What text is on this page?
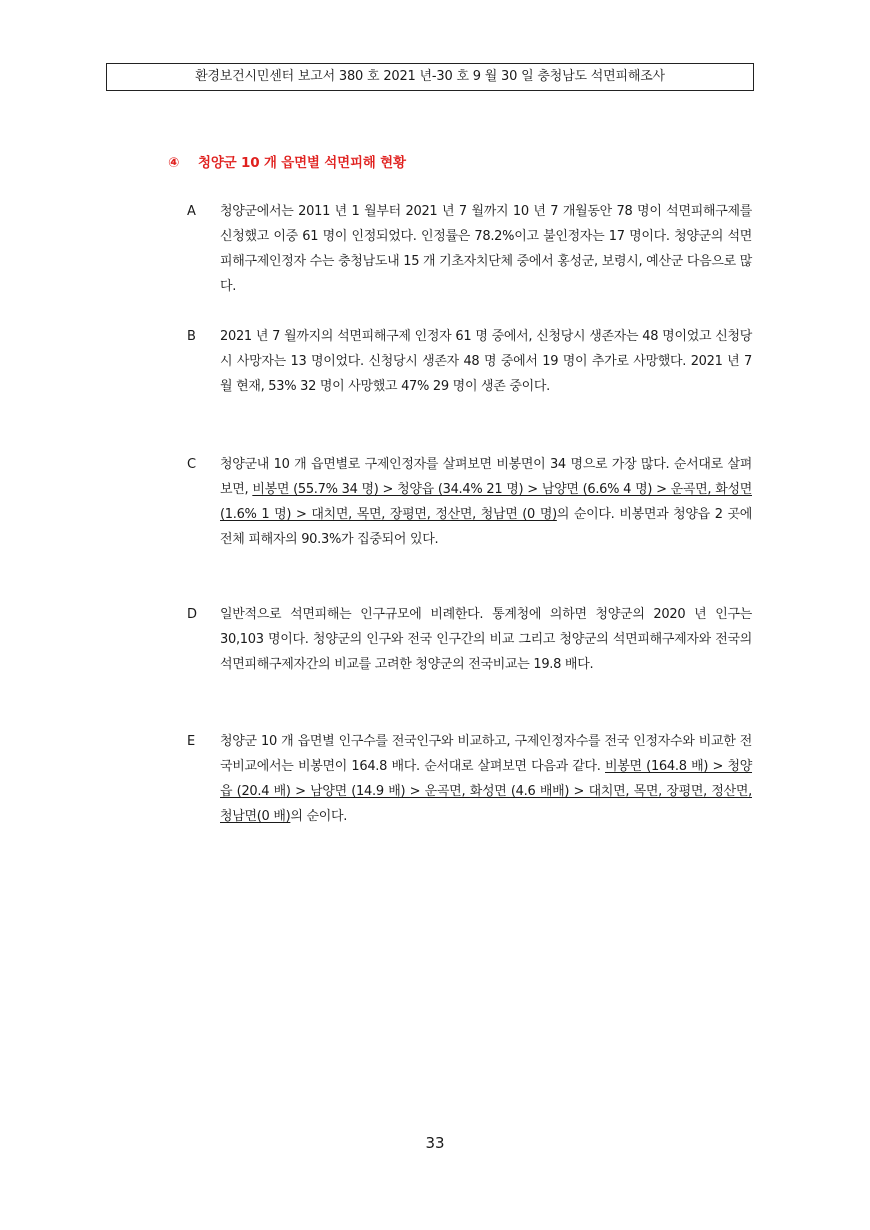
환경보건시민센터 보고서 380 호 2021 년-30 호 9 월 30 일 충청남도 석면피해조사
④ 청양군 10 개 읍면별 석면피해 현황
A	청양군에서는 2011 년 1 월부터 2021 년 7 월까지 10 년 7 개월동안 78 명이 석면피해구제를 신청했고 이중 61 명이 인정되었다. 인정률은 78.2%이고 불인정자는 17 명이다. 청양군의 석면피해구제인정자 수는 충청남도내 15 개 기초자치단체 중에서 홍성군, 보령시, 예산군 다음으로 많다.
B	2021 년 7 월까지의 석면피해구제 인정자 61 명 중에서, 신청당시 생존자는 48 명이었고 신청당시 사망자는 13 명이었다. 신청당시 생존자 48 명 중에서 19 명이 추가로 사망했다. 2021 년 7 월 현재, 53% 32 명이 사망했고 47% 29 명이 생존 중이다.
C	청양군내 10 개 읍면별로 구제인정자를 살펴보면 비봉면이 34 명으로 가장 많다. 순서대로 살펴보면, 비봉면 (55.7% 34 명) > 청양읍 (34.4% 21 명) > 남양면 (6.6% 4 명) > 운곡면, 화성면 (1.6% 1 명) > 대치면, 목면, 장평면, 정산면, 청남면 (0 명)의 순이다. 비봉면과 청양읍 2 곳에 전체 피해자의 90.3%가 집중되어 있다.
D	일반적으로 석면피해는 인구규모에 비례한다. 통계청에 의하면 청양군의 2020 년 인구는 30,103 명이다. 청양군의 인구와 전국 인구간의 비교 그리고 청양군의 석면피해구제자와 전국의 석면피해구제자간의 비교를 고려한 청양군의 전국비교는 19.8 배다.
E	청양군 10 개 읍면별 인구수를 전국인구와 비교하고, 구제인정자수를 전국 인정자수와 비교한 전국비교에서는 비봉면이 164.8 배다. 순서대로 살펴보면 다음과 같다. 비봉면 (164.8 배) > 청양읍 (20.4 배) > 남양면 (14.9 배) > 운곡면, 화성면 (4.6 배배) > 대치면, 목면, 장평면, 정산면, 청남면(0 배)의 순이다.
33
